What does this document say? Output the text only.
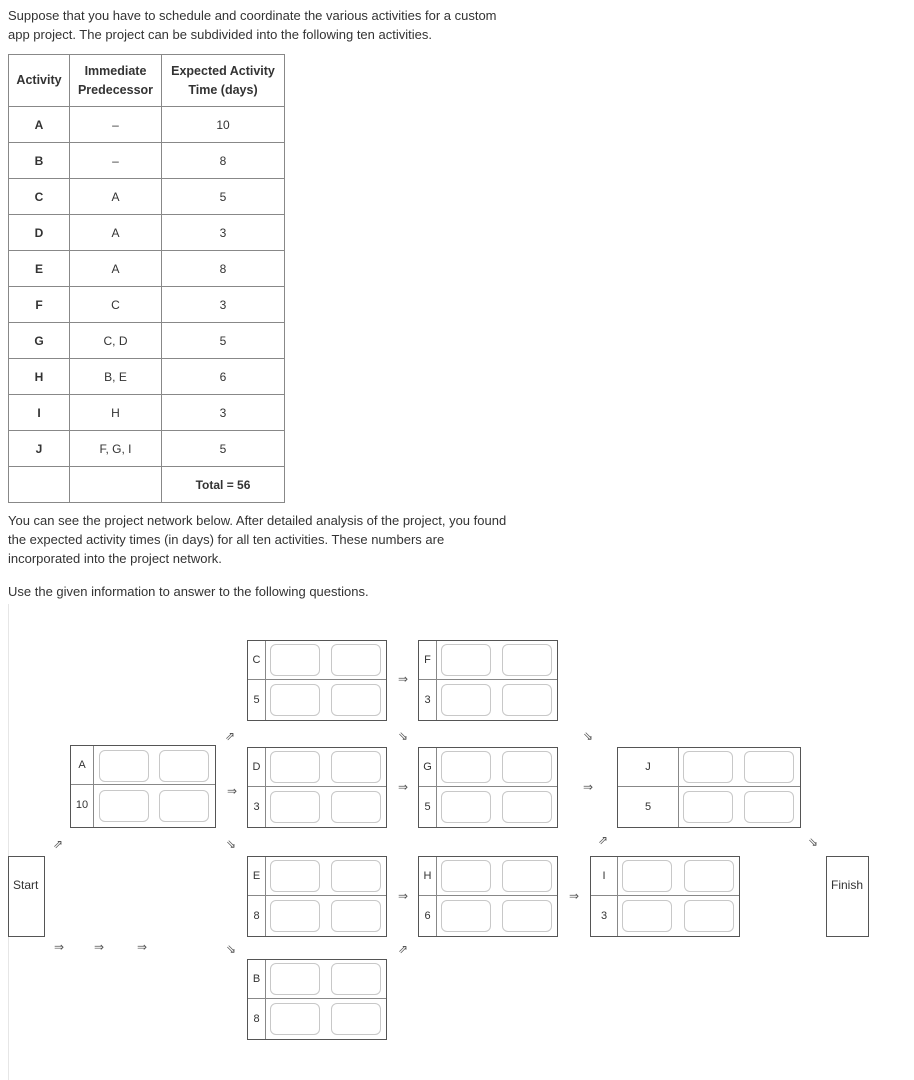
Suppose that you have to schedule and coordinate the various activities for a custom app project. The project can be subdivided into the following ten activities.
Activity	Immediate Predecessor	Expected Activity Time (days)
A	–	10
B	–	8
C	A	5
D	A	3
E	A	8
F	C	3
G	C, D	5
H	B, E	6
I	H	3
J	F, G, I	5
		Total = 56
You can see the project network below. After detailed analysis of the project, you found the expected activity times (in days) for all ten activities. These numbers are incorporated into the project network.
Use the given information to answer to the following questions.
Start	Finish
A
10
C
5
D
3
E
8
B
8
F
3
G
5
H
6
I
3
J
5
⇗
⇗
⇒
⇘
⇘
⇒
⇘
⇒
⇒
⇗
⇒
⇒
⇘
⇗	⇘
⇒ ⇒	⇒
